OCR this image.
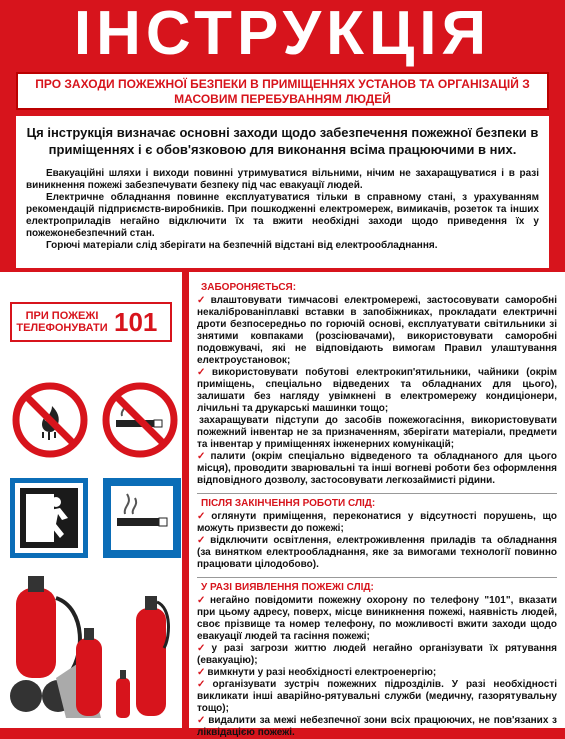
ІНСТРУКЦІЯ
ПРО ЗАХОДИ ПОЖЕЖНОЇ БЕЗПЕКИ В ПРИМІЩЕННЯХ УСТАНОВ ТА ОРГАНІЗАЦІЙ З МАСОВИМ ПЕРЕБУВАННЯМ ЛЮДЕЙ

Ця інструкція визначає основні заходи щодо забезпечення пожежної безпеки в приміщеннях і є обов'язковою для виконання всіма працюючими в них.

Евакуаційні шляхи і виходи повинні утримуватися вільними, нічим не захаращуватися і в разі виникнення пожежі забезпечувати безпеку під час евакуації людей.

Електричне обладнання повинне експлуатуватися тільки в справному стані, з урахуванням рекомендацій підприємств-виробників. При пошкодженні електромереж, вимикачів, розеток та інших електроприладів негайно відключити їх та вжити необхідні заходи щодо приведення їх у пожежонебезпечний стан.

Горючі матеріали слід зберігати на безпечній відстані від електрообладнання.

ПРИ ПОЖЕЖІ ТЕЛЕФОНУВАТИ 101
ЗАБОРОНЯЄТЬСЯ:

✓ влаштовувати тимчасові електромережі, застосовувати саморобні некаліброваніплавкі вставки в запобіжниках, прокладати електричні дроти безпосередньо по горючій основі, експлуатувати світильники зі знятими ковпаками (розсіювачами), використовувати саморобні подовжувачі, які не відповідають вимогам Правил улаштування електроустановок;

✓ використовувати побутові електрокип'ятильники, чайники (окрім приміщень, спеціально відведених та обладнаних для цього), залишати без нагляду увімкнені в електромережу кондиціонери, лічильні та друкарські машинки тощо;

захаращувати підступи до засобів пожежогасіння, використовувати пожежний інвентар не за призначенням, зберігати матеріали, предмети та інвентар у приміщеннях інженерних комунікацій;

✓ палити (окрім спеціально відведеного та обладнаного для цього місця), проводити зварювальні та інші вогневі роботи без оформлення відповідного дозволу, застосовувати легкозаймисті рідини.

ПІСЛЯ ЗАКІНЧЕННЯ РОБОТИ СЛІД:

✓ оглянути приміщення, переконатися у відсутності порушень, що можуть призвести до пожежі;

✓ відключити освітлення, електроживлення приладів та обладнання (за винятком електрообладнання, яке за вимогами технології повинно працювати цілодобово).

У РАЗІ ВИЯВЛЕННЯ ПОЖЕЖІ СЛІД:

✓ негайно повідомити пожежну охорону по телефону "101", вказати при цьому адресу, поверх, місце виникнення пожежі, наявність людей, своє прізвище та номер телефону, по можливості вжити заходи щодо евакуації людей та гасіння пожежі;

✓ у разі загрози життю людей негайно організувати їх рятування (евакуацію);

✓ вимкнути у разі необхідності електроенергію;

✓ організувати зустріч пожежних підрозділів. У разі необхідності викликати інші аварійно-рятувальні служби (медичну, газорятувальну тощо);

✓ видалити за межі небезпечної зони всіх працюючих, не пов'язаних з ліквідацією пожежі.
